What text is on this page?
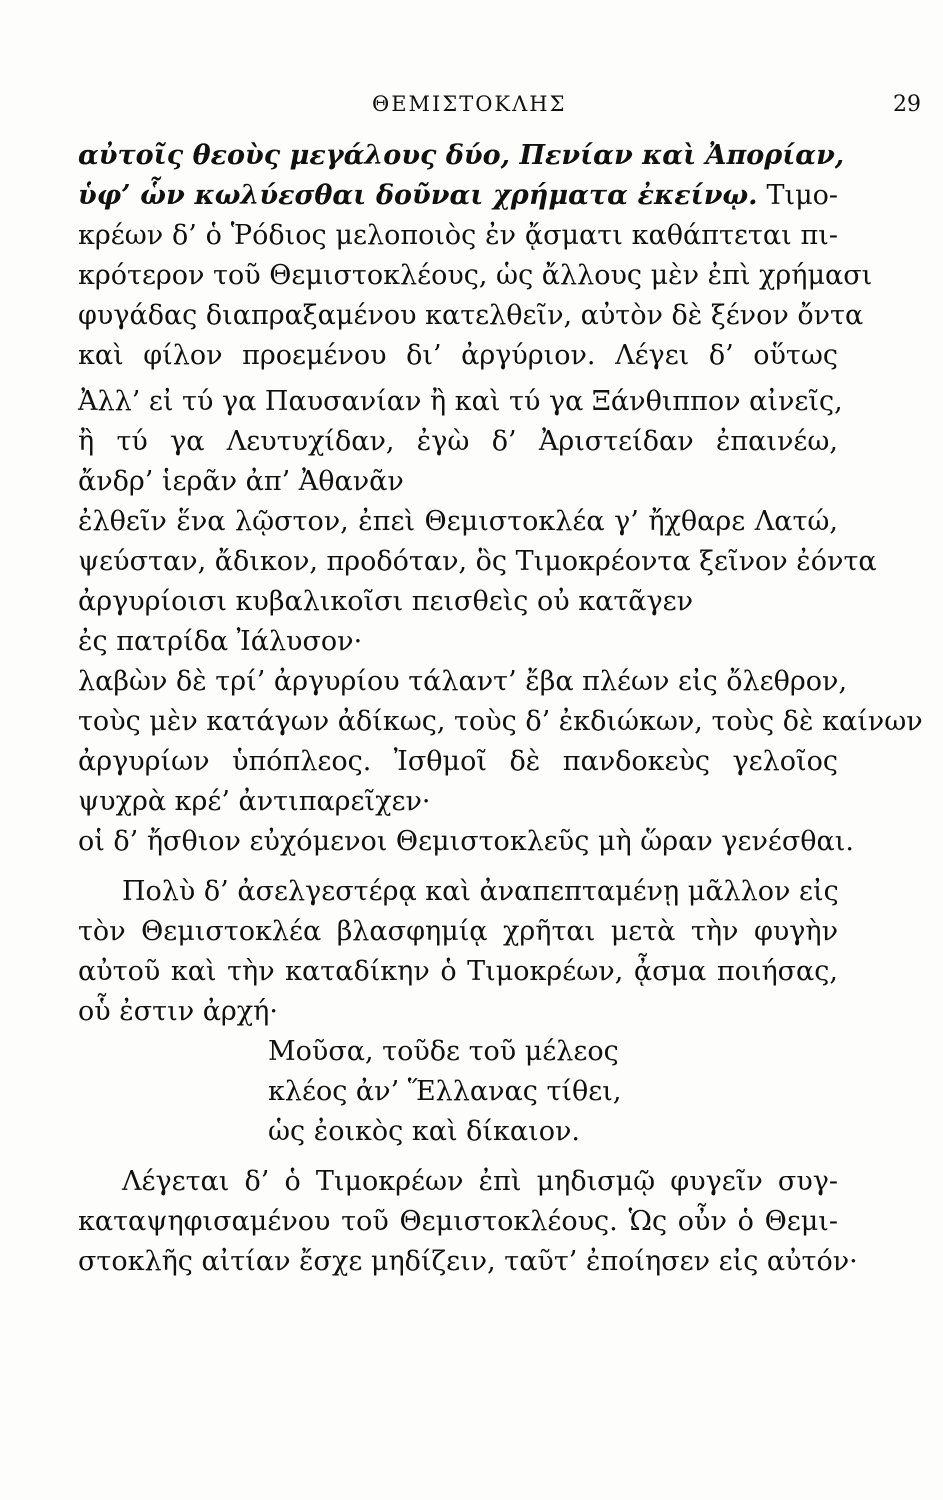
ΘΕΜΙΣΤΟΚΛΗΣ	29
αὐτοῖς θεοὺς μεγάλους δύο, Πενίαν καὶ Ἀπορίαν,
ὑφ’ ὧν κωλύεσθαι δοῦναι χρήματα ἐκείνῳ. Τιμο-
κρέων δ’ ὁ Ῥόδιος μελοποιὸς ἐν ᾄσματι καθάπτεται πι-
κρότερον τοῦ Θεμιστοκλέους, ὡς ἄλλους μὲν ἐπὶ χρήμασι
φυγάδας διαπραξαμένου κατελθεῖν, αὐτὸν δὲ ξένον ὄντα
καὶ φίλον προεμένου δι’ ἀργύριον. Λέγει δ’ οὕτως
Ἀλλ’ εἰ τύ γα Παυσανίαν ἢ καὶ τύ γα Ξάνθιππον αἰνεῖς,
ἢ τύ γα Λευτυχίδαν, ἐγὼ δ’ Ἀριστείδαν ἐπαινέω,
ἄνδρ’ ἱερᾶν ἀπ’ Ἀθανᾶν
ἐλθεῖν ἕνα λῷστον, ἐπεὶ Θεμιστοκλέα γ’ ἤχθαρε Λατώ,
ψεύσταν, ἄδικον, προδόταν, ὃς Τιμοκρέοντα ξεῖνον ἐόντα
ἀργυρίοισι κυβαλικοῖσι πεισθεὶς οὐ κατᾶγεν
ἐς πατρίδα Ἰάλυσον·
λαβὼν δὲ τρί’ ἀργυρίου τάλαντ’ ἔβα πλέων εἰς ὄλεθρον,
τοὺς μὲν κατάγων ἀδίκως, τοὺς δ’ ἐκδιώκων, τοὺς δὲ καίνων
ἀργυρίων ὑπόπλεος. Ἰσθμοῖ δὲ πανδοκεὺς γελοῖος
ψυχρὰ κρέ’ ἀντιπαρεῖχεν·
οἱ δ’ ἤσθιον εὐχόμενοι Θεμιστοκλεῦς μὴ ὥραν γενέσθαι.
Πολὺ δ’ ἀσελγεστέρᾳ καὶ ἀναπεπταμένῃ μᾶλλον εἰς
τὸν Θεμιστοκλέα βλασφημίᾳ χρῆται μετὰ τὴν φυγὴν
αὐτοῦ καὶ τὴν καταδίκην ὁ Τιμοκρέων, ᾆσμα ποιήσας,
οὗ ἐστιν ἀρχή·
Μοῦσα, τοῦδε τοῦ μέλεος
κλέος ἀν’ Ἕλλανας τίθει,
ὡς ἐοικὸς καὶ δίκαιον.
Λέγεται δ’ ὁ Τιμοκρέων ἐπὶ μηδισμῷ φυγεῖν συγ-
καταψηφισαμένου τοῦ Θεμιστοκλέους. Ὡς οὖν ὁ Θεμι-
στοκλῆς αἰτίαν ἔσχε μηδίζειν, ταῦτ’ ἐποίησεν εἰς αὐτόν·
